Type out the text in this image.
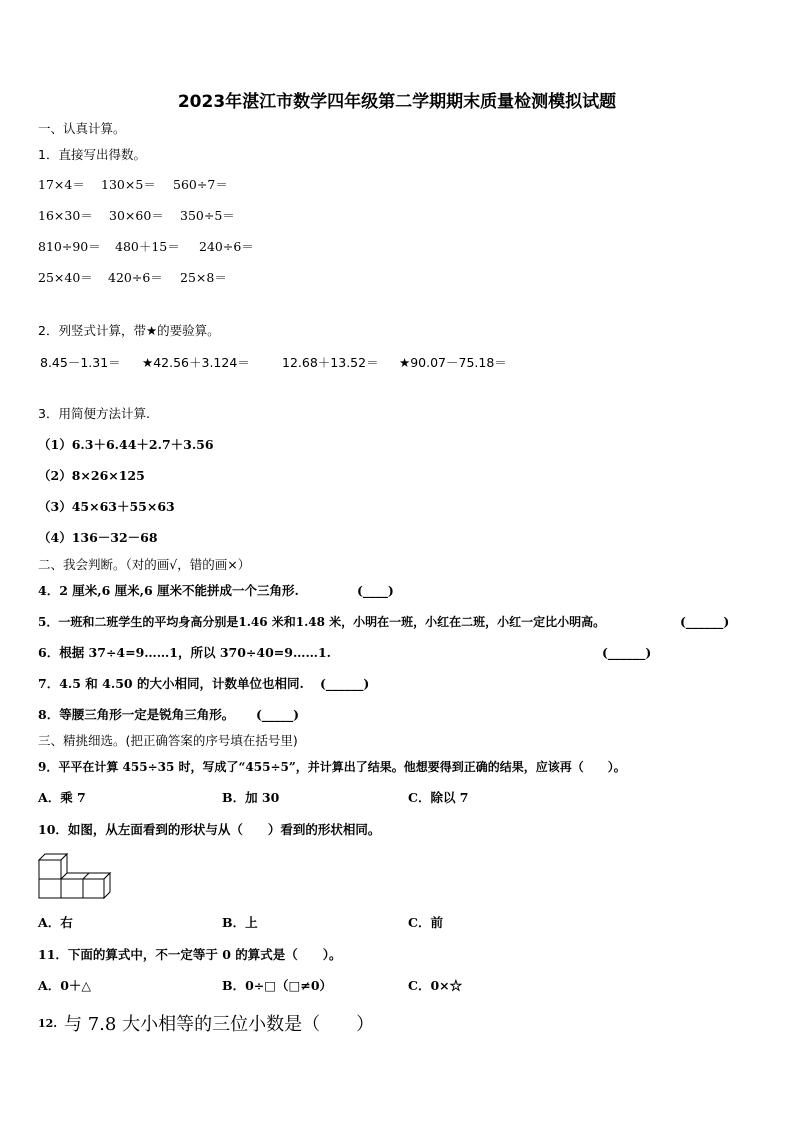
2023年湛江市数学四年级第二学期期末质量检测模拟试题
一、认真计算。
1．直接写出得数。
17×4＝ 130×5＝ 560÷7＝
16×30＝ 30×60＝ 350÷5＝
810÷90＝ 480＋15＝ 240÷6＝
25×40＝ 420÷6＝ 25×8＝
2．列竖式计算，带★的要验算。
8.45－1.31＝ ★42.56＋3.124＝	12.68＋13.52＝ ★90.07－75.18＝
3．用简便方法计算.
（1）6.3＋6.44＋2.7＋3.56
（2）8×26×125
（3）45×63＋55×63
（4）136－32－68
二、我会判断。（对的画√，错的画×）
4．2 厘米,6 厘米,6 厘米不能拼成一个三角形.	(____)
5．一班和二班学生的平均身高分别是1.46 米和1.48 米，小明在一班，小红在二班，小红一定比小明高。	(______)
6．根据 37÷4=9……1，所以 370÷40=9……1.	(______)
7．4.5 和 4.50 的大小相同，计数单位也相同. (______)
8．等腰三角形一定是锐角三角形。 (_____)
三、精挑细选。(把正确答案的序号填在括号里)
9．平平在计算 455÷35 时，写成了“455÷5”，并计算出了结果。他想要得到正确的结果，应该再（　　）。
A．乘 7	B．加 30	C．除以 7
10．如图，从左面看到的形状与从（　　）看到的形状相同。
A．右	B．上	C．前
11．下面的算式中，不一定等于 0 的算式是（　　）。
A．0＋△	B．0÷□（□≠0）	C．0×☆
12. 与 7.8 大小相等的三位小数是（　　）
